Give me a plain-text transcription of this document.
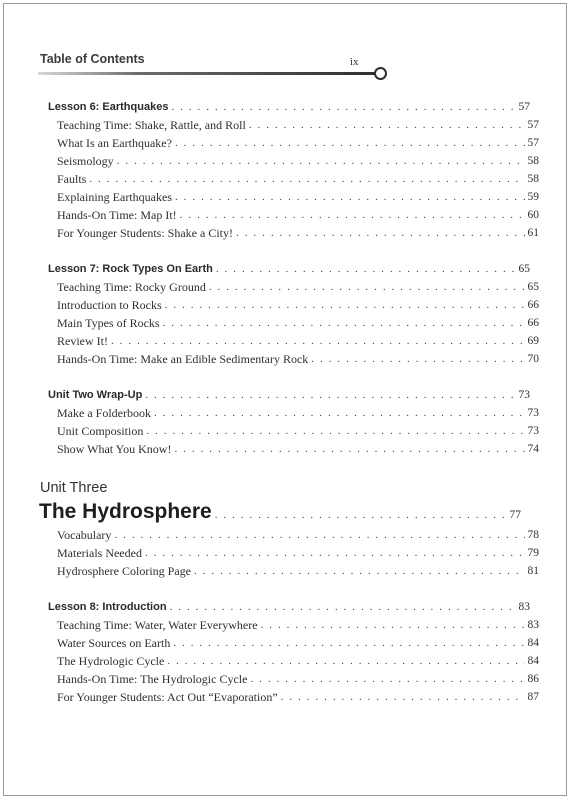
Table of Contents	ix
Lesson 6: Earthquakes . . .	57
Teaching Time: Shake, Rattle, and Roll . . .	57
What Is an Earthquake? . . .	57
Seismology . . .	58
Faults . . .	58
Explaining Earthquakes . . .	59
Hands-On Time: Map It! . . .	60
For Younger Students: Shake a City! . . .	61
Lesson 7: Rock Types On Earth . . .	65
Teaching Time: Rocky Ground . . .	65
Introduction to Rocks . . .	66
Main Types of Rocks . . .	66
Review It! . . .	69
Hands-On Time: Make an Edible Sedimentary Rock . . .	70
Unit Two Wrap-Up . . .	73
Make a Folderbook . . .	73
Unit Composition . . .	73
Show What You Know! . . .	74
Unit Three
The Hydrosphere . . .	77
Vocabulary . . .	78
Materials Needed . . .	79
Hydrosphere Coloring Page . . .	81
Lesson 8: Introduction . . .	83
Teaching Time: Water, Water Everywhere . . .	83
Water Sources on Earth . . .	84
The Hydrologic Cycle . . .	84
Hands-On Time: The Hydrologic Cycle . . .	86
For Younger Students: Act Out “Evaporation” . . .	87
